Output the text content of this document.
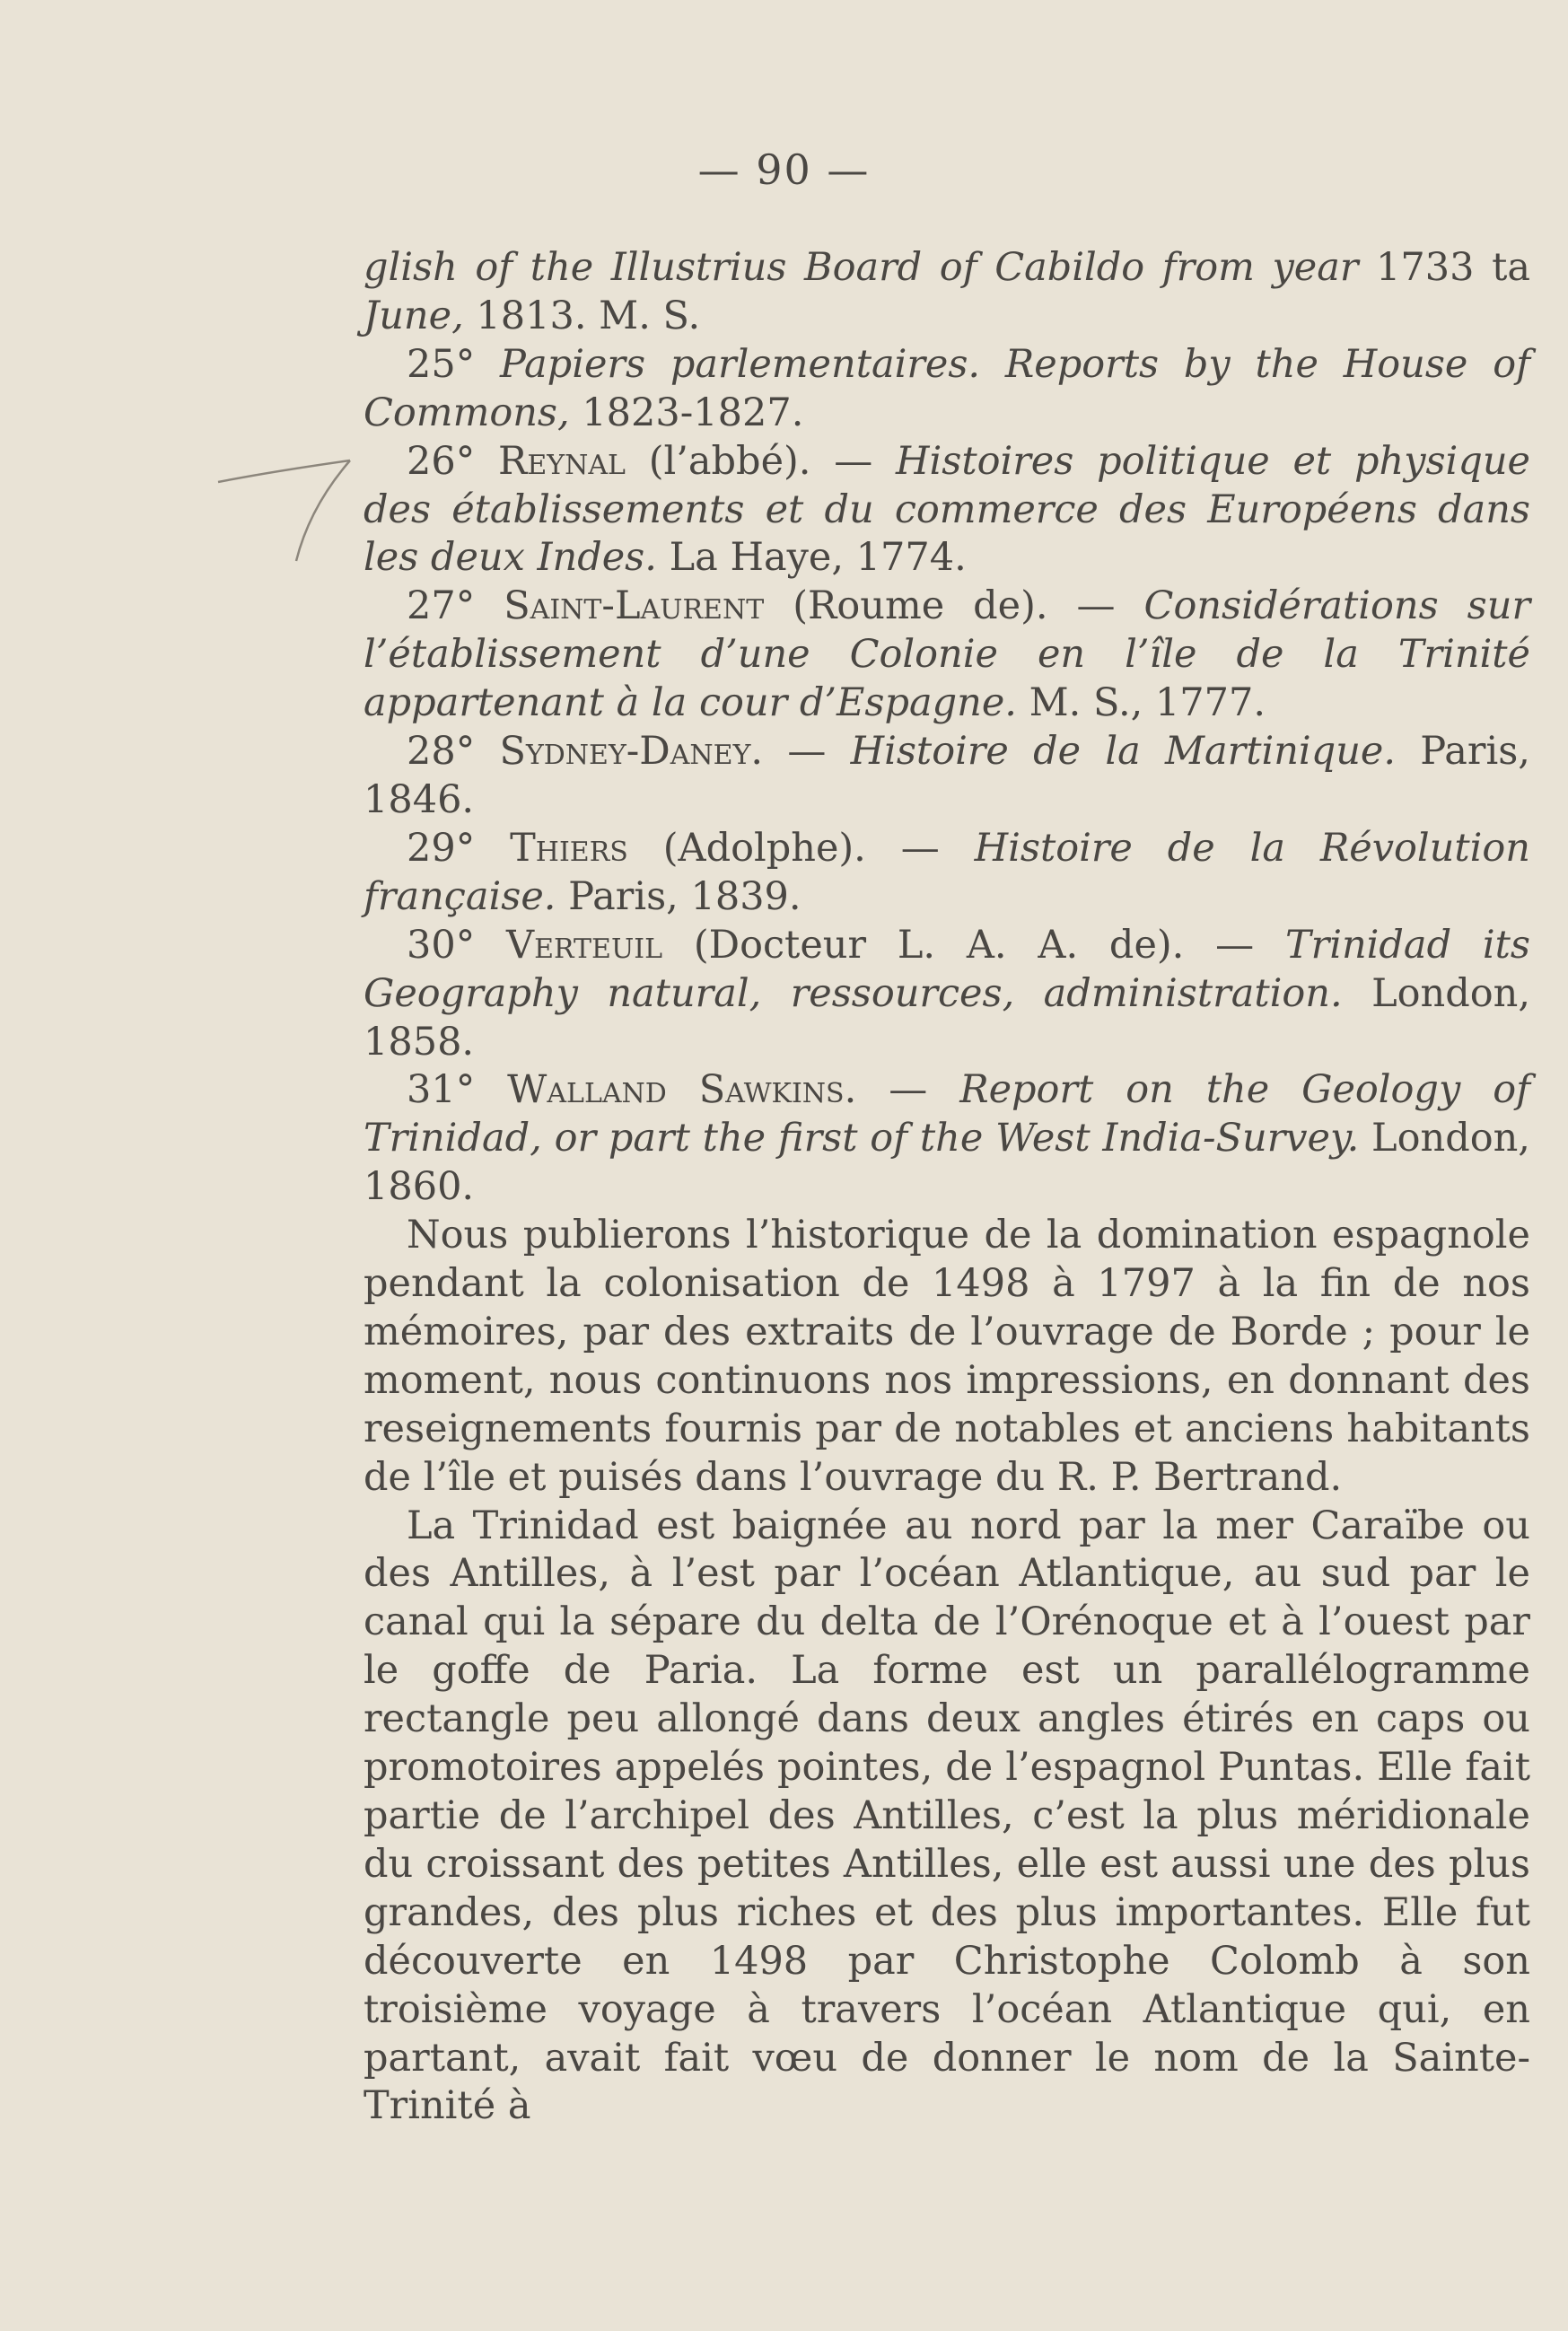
— 90 —

glish of the Illustrius Board of Cabildo from year 1733 ta June, 1813. M. S.

25° Papiers parlementaires. Reports by the House of Commons, 1823-1827.

26° Reynal (l’abbé). — Histoires politique et physique des établissements et du commerce des Européens dans les deux Indes. La Haye, 1774.

27° Saint-Laurent (Roume de). — Considérations sur l’établissement d’une Colonie en l’île de la Trinité appartenant à la cour d’Espagne. M. S., 1777.

28° Sydney-Daney. — Histoire de la Martinique. Paris, 1846.

29° Thiers (Adolphe). — Histoire de la Révolution française. Paris, 1839.

30° Verteuil (Docteur L. A. A. de). — Trinidad its Geography natural, ressources, administration. London, 1858.

31° Walland Sawkins. — Report on the Geology of Trinidad, or part the first of the West India-Survey. London, 1860.

Nous publierons l’historique de la domination espagnole pendant la colonisation de 1498 à 1797 à la fin de nos mémoires, par des extraits de l’ouvrage de Borde ; pour le moment, nous continuons nos impressions, en donnant des reseignements fournis par de notables et anciens habitants de l’île et puisés dans l’ouvrage du R. P. Bertrand.

La Trinidad est baignée au nord par la mer Caraïbe ou des Antilles, à l’est par l’océan Atlantique, au sud par le canal qui la sépare du delta de l’Orénoque et à l’ouest par le goffe de Paria. La forme est un parallélogramme rectangle peu allongé dans deux angles étirés en caps ou promotoires appelés pointes, de l’espagnol Puntas. Elle fait partie de l’archipel des Antilles, c’est la plus méridionale du croissant des petites Antilles, elle est aussi une des plus grandes, des plus riches et des plus importantes. Elle fut découverte en 1498 par Christophe Colomb à son troisième voyage à travers l’océan Atlantique qui, en partant, avait fait vœu de donner le nom de la Sainte-Trinité à
